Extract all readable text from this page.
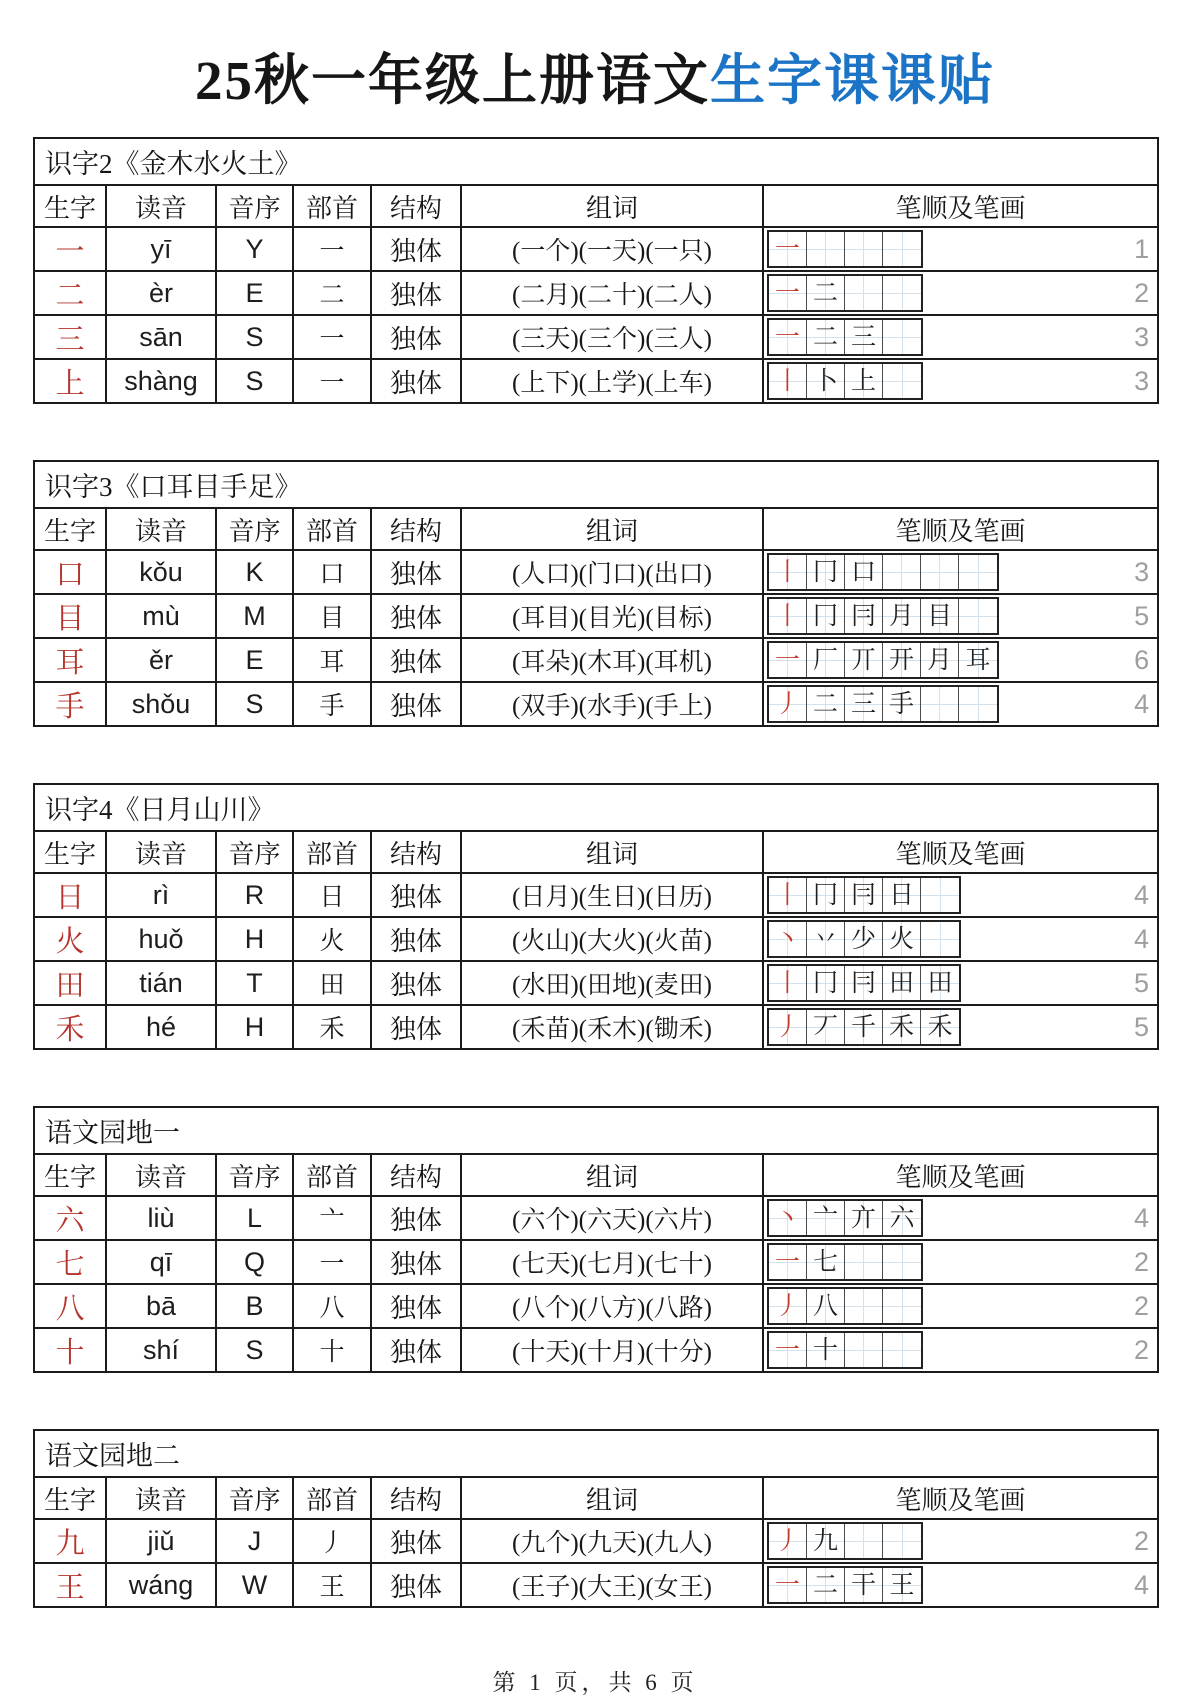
25秋一年级上册语文生字课课贴
识字2《金木水火土》						
生字	读音	音序	部首	结构	组词	笔顺及笔画
一	yī	Y	一	独体	(一个)(一天)(一只)	一 1

二	èr	E	二	独体	(二月)(二十)(二人)	一 二 2

三	sān	S	一	独体	(三天)(三个)(三人)	一 二 三 3

上	shàng	S	一	独体	(上下)(上学)(上车)	丨 卜 上 3
识字3《口耳目手足》						
生字	读音	音序	部首	结构	组词	笔顺及笔画
口	kǒu	K	口	独体	(人口)(门口)(出口)	丨 冂 口 3

目	mù	M	目	独体	(耳目)(目光)(目标)	丨 冂 冃 月 目	5

耳	ěr	E	耳	独体	(耳朵)(木耳)(耳机)	一 厂 丌 开 月 耳	6

手	shǒu	S	手	独体	(双手)(水手)(手上)	丿 二 三 手 4
识字4《日月山川》						
生字	读音	音序	部首	结构	组词	笔顺及笔画
日	rì	R	日	独体	(日月)(生日)(日历)	丨 冂 冃 日 4

火	huǒ	H	火	独体	(火山)(大火)(火苗)	丶 丷 少 火 4

田	tián	T	田	独体	(水田)(田地)(麦田)	丨 冂 冃 田 田	5

禾	hé	H	禾	独体	(禾苗)(禾木)(锄禾)	丿 丆 千 禾 禾	5
语文园地一						
生字	读音	音序	部首	结构	组词	笔顺及笔画
六	liù	L	亠	独体	(六个)(六天)(六片)	丶 亠 亣 六 4

七	qī	Q	一	独体	(七天)(七月)(七十)	一 七 2

八	bā	B	八	独体	(八个)(八方)(八路)	丿 八 2

十	shí	S	十	独体	(十天)(十月)(十分)	一 十 2
语文园地二						
生字	读音	音序	部首	结构	组词	笔顺及笔画
九	jiǔ	J	丿	独体	(九个)(九天)(九人)	丿 九 2

王	wáng	W	王	独体	(王子)(大王)(女王)	一 二 干 王 4
第 1 页，共 6 页
